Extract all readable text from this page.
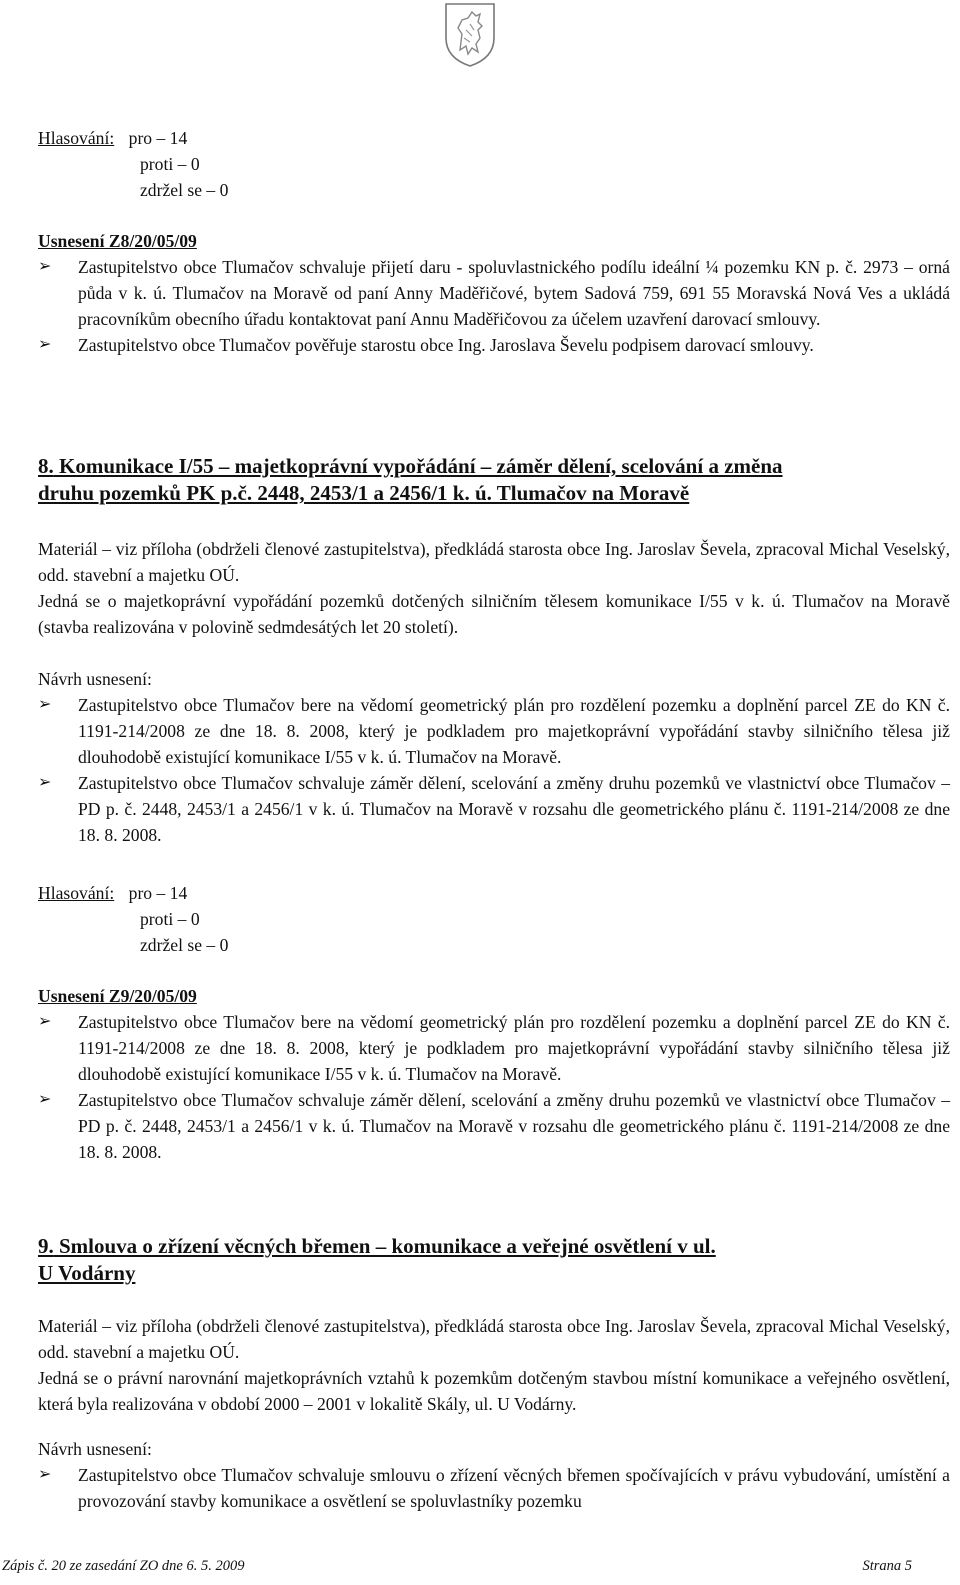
Hlasování: pro – 14
proti – 0
zdržel se – 0
Usnesení Z8/20/05/09
➢	Zastupitelstvo obce Tlumačov schvaluje přijetí daru - spoluvlastnického podílu ideální ¼ pozemku KN p. č. 2973 – orná půda v k. ú. Tlumačov na Moravě od paní Anny Maděřičové, bytem Sadová 759, 691 55 Moravská Nová Ves a ukládá pracovníkům obecního úřadu kontaktovat paní Annu Maděřičovou za účelem uzavření darovací smlouvy.
➢	Zastupitelstvo obce Tlumačov pověřuje starostu obce Ing. Jaroslava Ševelu podpisem darovací smlouvy.
8. Komunikace I/55 – majetkoprávní vypořádání – záměr dělení, scelování a změna
druhu pozemků PK p.č. 2448, 2453/1 a 2456/1 k. ú. Tlumačov na Moravě
Materiál – viz příloha (obdrželi členové zastupitelstva), předkládá starosta obce Ing. Jaroslav Ševela, zpracoval Michal Veselský, odd. stavební a majetku OÚ.
Jedná se o majetkoprávní vypořádání pozemků dotčených silničním tělesem komunikace I/55 v k. ú. Tlumačov na Moravě (stavba realizována v polovině sedmdesátých let 20 století).
Návrh usnesení:
➢	Zastupitelstvo obce Tlumačov bere na vědomí geometrický plán pro rozdělení pozemku a doplnění parcel ZE do KN č. 1191-214/2008 ze dne 18. 8. 2008, který je podkladem pro majetkoprávní vypořádání stavby silničního tělesa již dlouhodobě existující komunikace I/55 v k. ú. Tlumačov na Moravě.
➢	Zastupitelstvo obce Tlumačov schvaluje záměr dělení, scelování a změny druhu pozemků ve vlastnictví obce Tlumačov – PD p. č. 2448, 2453/1 a 2456/1 v k. ú. Tlumačov na Moravě v rozsahu dle geometrického plánu č. 1191-214/2008 ze dne 18. 8. 2008.
Hlasování: pro – 14
proti – 0
zdržel se – 0
Usnesení Z9/20/05/09
➢	Zastupitelstvo obce Tlumačov bere na vědomí geometrický plán pro rozdělení pozemku a doplnění parcel ZE do KN č. 1191-214/2008 ze dne 18. 8. 2008, který je podkladem pro majetkoprávní vypořádání stavby silničního tělesa již dlouhodobě existující komunikace I/55 v k. ú. Tlumačov na Moravě.
➢	Zastupitelstvo obce Tlumačov schvaluje záměr dělení, scelování a změny druhu pozemků ve vlastnictví obce Tlumačov – PD p. č. 2448, 2453/1 a 2456/1 v k. ú. Tlumačov na Moravě v rozsahu dle geometrického plánu č. 1191-214/2008 ze dne 18. 8. 2008.
9. Smlouva o zřízení věcných břemen – komunikace a veřejné osvětlení v ul.
U Vodárny
Materiál – viz příloha (obdrželi členové zastupitelstva), předkládá starosta obce Ing. Jaroslav Ševela, zpracoval Michal Veselský, odd. stavební a majetku OÚ.
Jedná se o právní narovnání majetkoprávních vztahů k pozemkům dotčeným stavbou místní komunikace a veřejného osvětlení, která byla realizována v období 2000 – 2001 v lokalitě Skály, ul. U Vodárny.
Návrh usnesení:
➢	Zastupitelstvo obce Tlumačov schvaluje smlouvu o zřízení věcných břemen spočívajících v právu vybudování, umístění a provozování stavby komunikace a osvětlení se spoluvlastníky pozemku
Zápis č. 20 ze zasedání ZO dne 6. 5. 2009	Strana 5
